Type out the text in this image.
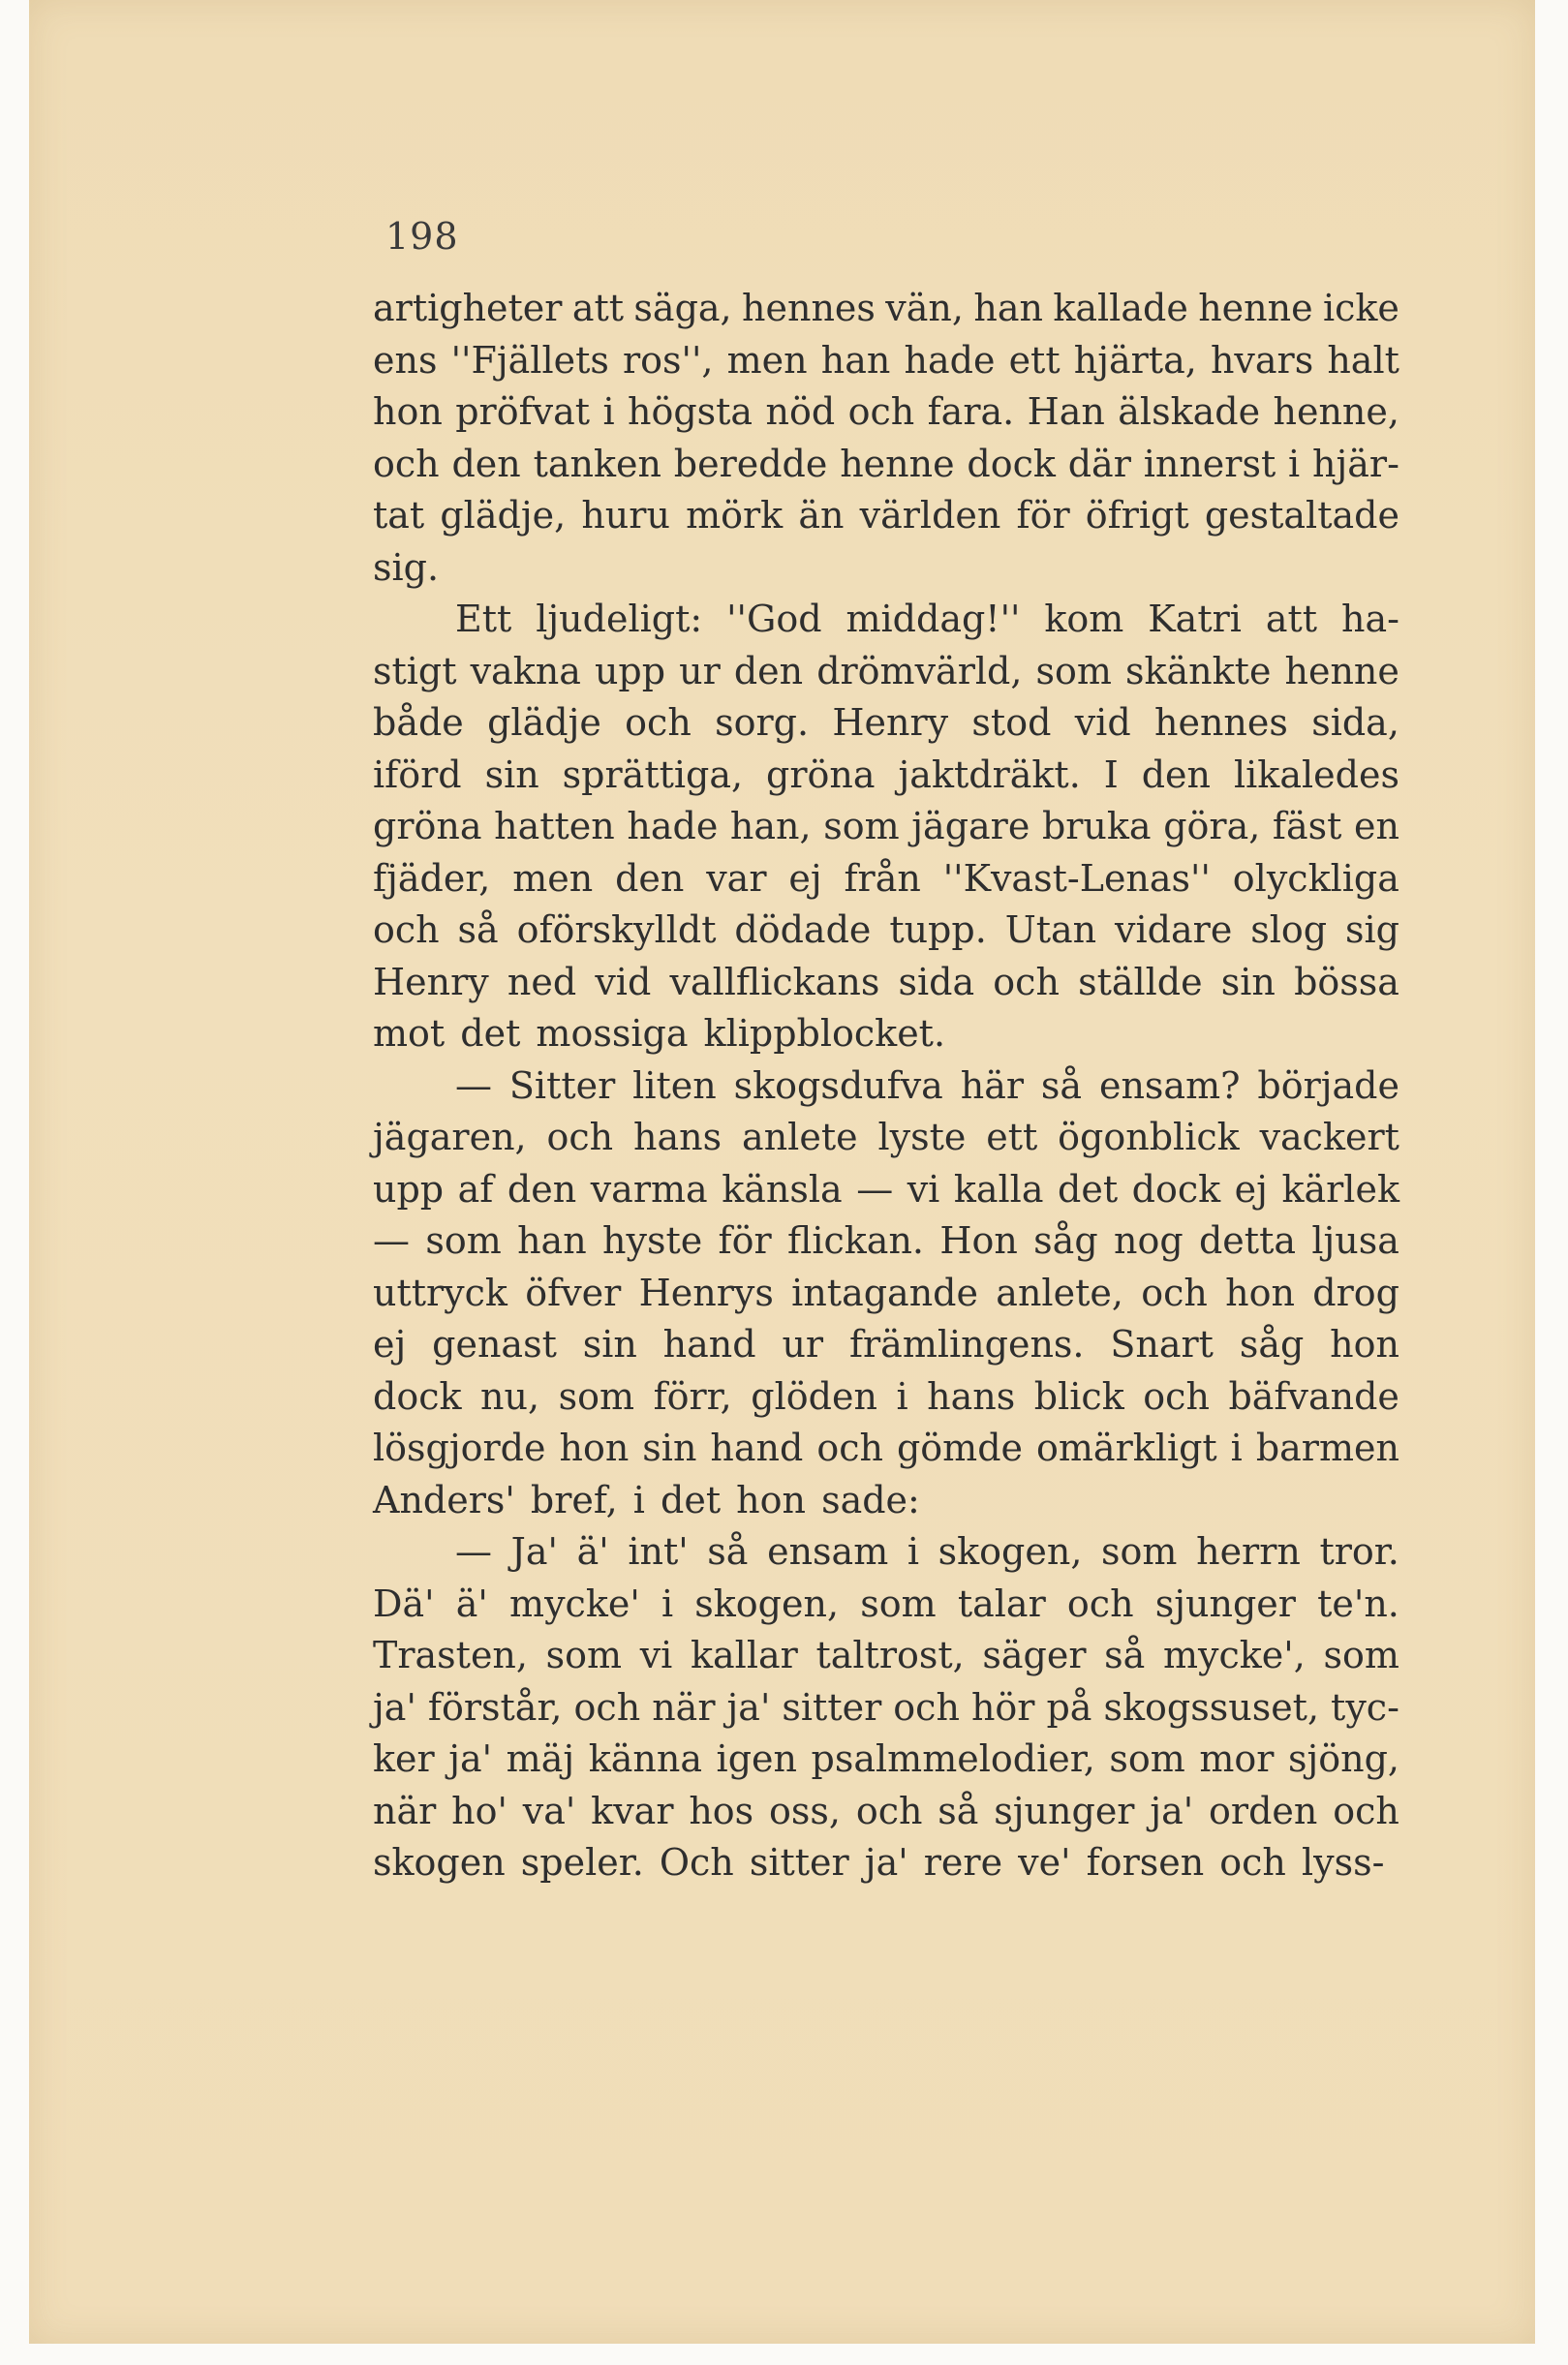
198

artigheter att säga, hennes vän, han kallade henne icke
ens ''Fjällets ros'', men han hade ett hjärta, hvars halt
hon pröfvat i högsta nöd och fara. Han älskade henne,
och den tanken beredde henne dock där innerst i hjär-
tat glädje, huru mörk än världen för öfrigt gestaltade
sig.
Ett ljudeligt: ''God middag!'' kom Katri att ha-
stigt vakna upp ur den drömvärld, som skänkte henne
både glädje och sorg. Henry stod vid hennes sida,
iförd sin sprättiga, gröna jaktdräkt. I den likaledes
gröna hatten hade han, som jägare bruka göra, fäst en
fjäder, men den var ej från ''Kvast-Lenas'' olyckliga
och så oförskylldt dödade tupp. Utan vidare slog sig
Henry ned vid vallflickans sida och ställde sin bössa
mot det mossiga klippblocket.
— Sitter liten skogsdufva här så ensam? började
jägaren, och hans anlete lyste ett ögonblick vackert
upp af den varma känsla — vi kalla det dock ej kärlek
— som han hyste för flickan. Hon såg nog detta ljusa
uttryck öfver Henrys intagande anlete, och hon drog
ej genast sin hand ur främlingens. Snart såg hon
dock nu, som förr, glöden i hans blick och bäfvande
lösgjorde hon sin hand och gömde omärkligt i barmen
Anders' bref, i det hon sade:
— Ja' ä' int' så ensam i skogen, som herrn tror.
Dä' ä' mycke' i skogen, som talar och sjunger te'n.
Trasten, som vi kallar taltrost, säger så mycke', som
ja' förstår, och när ja' sitter och hör på skogssuset, tyc-
ker ja' mäj känna igen psalmmelodier, som mor sjöng,
när ho' va' kvar hos oss, och så sjunger ja' orden och
skogen speler. Och sitter ja' rere ve' forsen och lyss-
